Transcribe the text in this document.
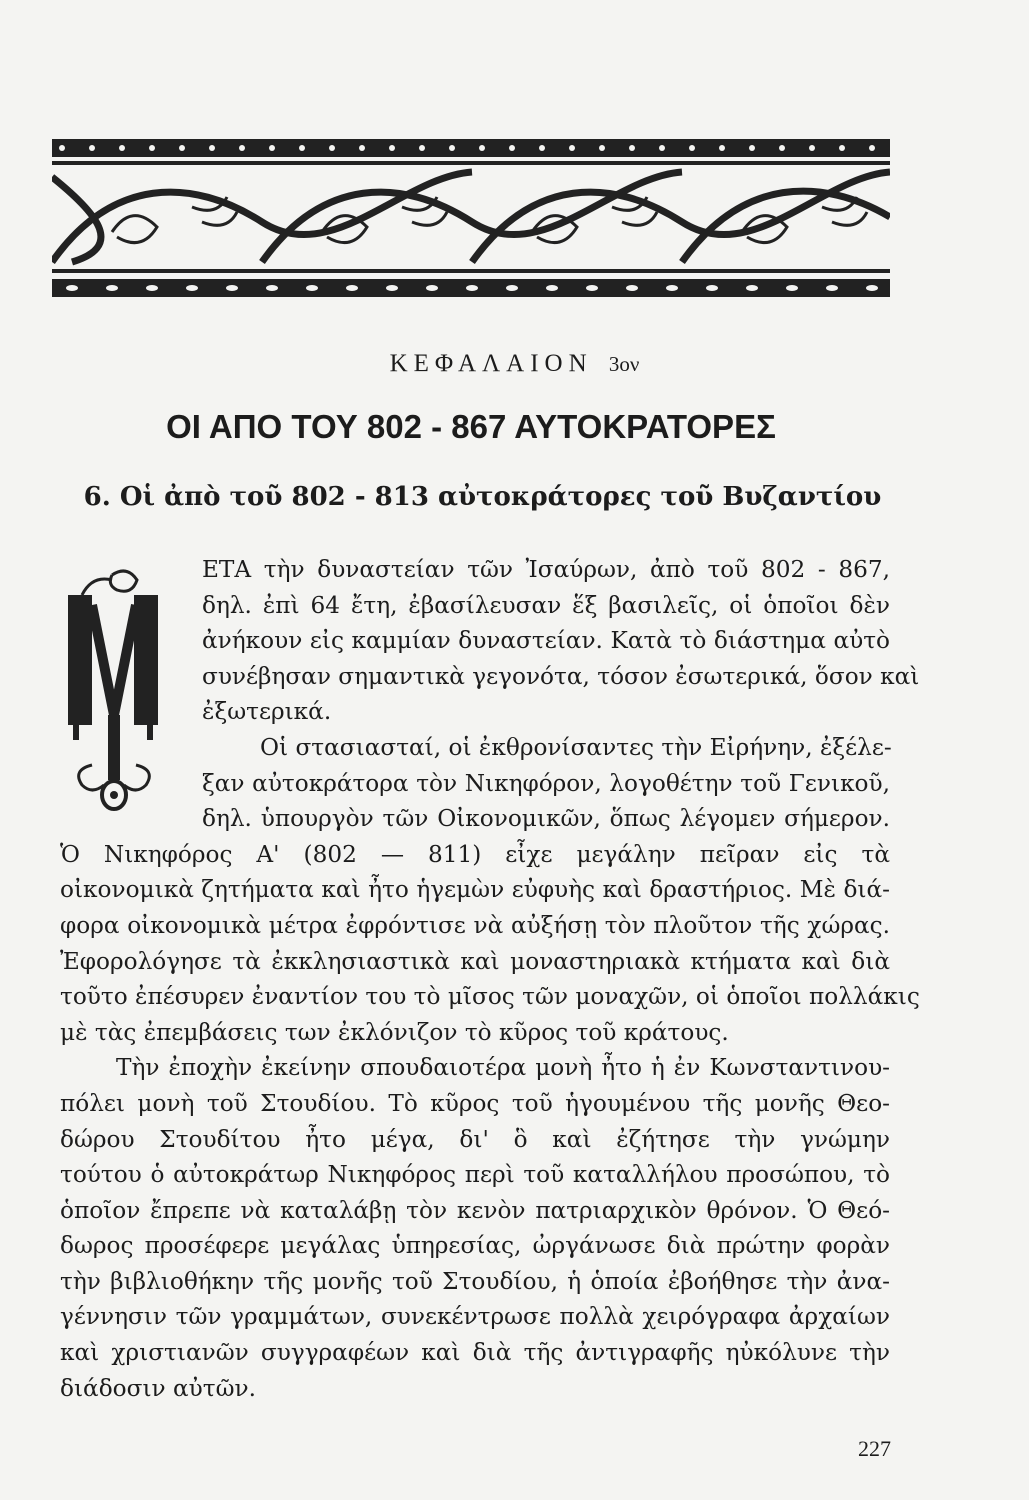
ΚΕΦΑΛΑΙΟΝ 3ον
ΟΙ ΑΠΟ ΤΟΥ 802 - 867 ΑΥΤΟΚΡΑΤΟΡΕΣ
6. Οἱ ἀπὸ τοῦ 802 - 813 αὐτοκράτορες τοῦ Βυζαντίου
ΕΤΑ τὴν δυναστείαν τῶν Ἰσαύρων, ἀπὸ τοῦ 802 - 867,
δηλ. ἐπὶ 64 ἔτη, ἐβασίλευσαν ἕξ βασιλεῖς, οἱ ὁποῖοι δὲν
ἀνήκουν εἰς καμμίαν δυναστείαν. Κατὰ τὸ διάστημα αὐτὸ
συνέβησαν σημαντικὰ γεγονότα, τόσον ἐσωτερικά, ὅσον καὶ
ἐξωτερικά.
Οἱ στασιασταί, οἱ ἐκθρονίσαντες τὴν Εἰρήνην, ἐξέλε-
ξαν αὐτοκράτορα τὸν Νικηφόρον, λογοθέτην τοῦ Γενικοῦ,
δηλ. ὑπουργὸν τῶν Οἰκονομικῶν, ὅπως λέγομεν σήμερον.
Ὁ Νικηφόρος Α' (802 — 811) εἶχε μεγάλην πεῖραν εἰς τὰ
οἰκονομικὰ ζητήματα καὶ ἦτο ἡγεμὼν εὐφυὴς καὶ δραστήριος. Μὲ διά-
φορα οἰκονομικὰ μέτρα ἐφρόντισε νὰ αὐξήσῃ τὸν πλοῦτον τῆς χώρας.
Ἐφορολόγησε τὰ ἐκκλησιαστικὰ καὶ μοναστηριακὰ κτήματα καὶ διὰ
τοῦτο ἐπέσυρεν ἐναντίον του τὸ μῖσος τῶν μοναχῶν, οἱ ὁποῖοι πολλάκις
μὲ τὰς ἐπεμβάσεις των ἐκλόνιζον τὸ κῦρος τοῦ κράτους.
Τὴν ἐποχὴν ἐκείνην σπουδαιοτέρα μονὴ ἦτο ἡ ἐν Κωνσταντινου-
πόλει μονὴ τοῦ Στουδίου. Τὸ κῦρος τοῦ ἡγουμένου τῆς μονῆς Θεο-
δώρου Στουδίτου ἦτο μέγα, δι' ὃ καὶ ἐζήτησε τὴν γνώμην
τούτου ὁ αὐτοκράτωρ Νικηφόρος περὶ τοῦ καταλλήλου προσώπου, τὸ
ὁποῖον ἔπρεπε νὰ καταλάβῃ τὸν κενὸν πατριαρχικὸν θρόνον. Ὁ Θεό-
δωρος προσέφερε μεγάλας ὑπηρεσίας, ὠργάνωσε διὰ πρώτην φορὰν
τὴν βιβλιοθήκην τῆς μονῆς τοῦ Στουδίου, ἡ ὁποία ἐβοήθησε τὴν ἀνα-
γέννησιν τῶν γραμμάτων, συνεκέντρωσε πολλὰ χειρόγραφα ἀρχαίων
καὶ χριστιανῶν συγγραφέων καὶ διὰ τῆς ἀντιγραφῆς ηὐκόλυνε τὴν
διάδοσιν αὐτῶν.
227
